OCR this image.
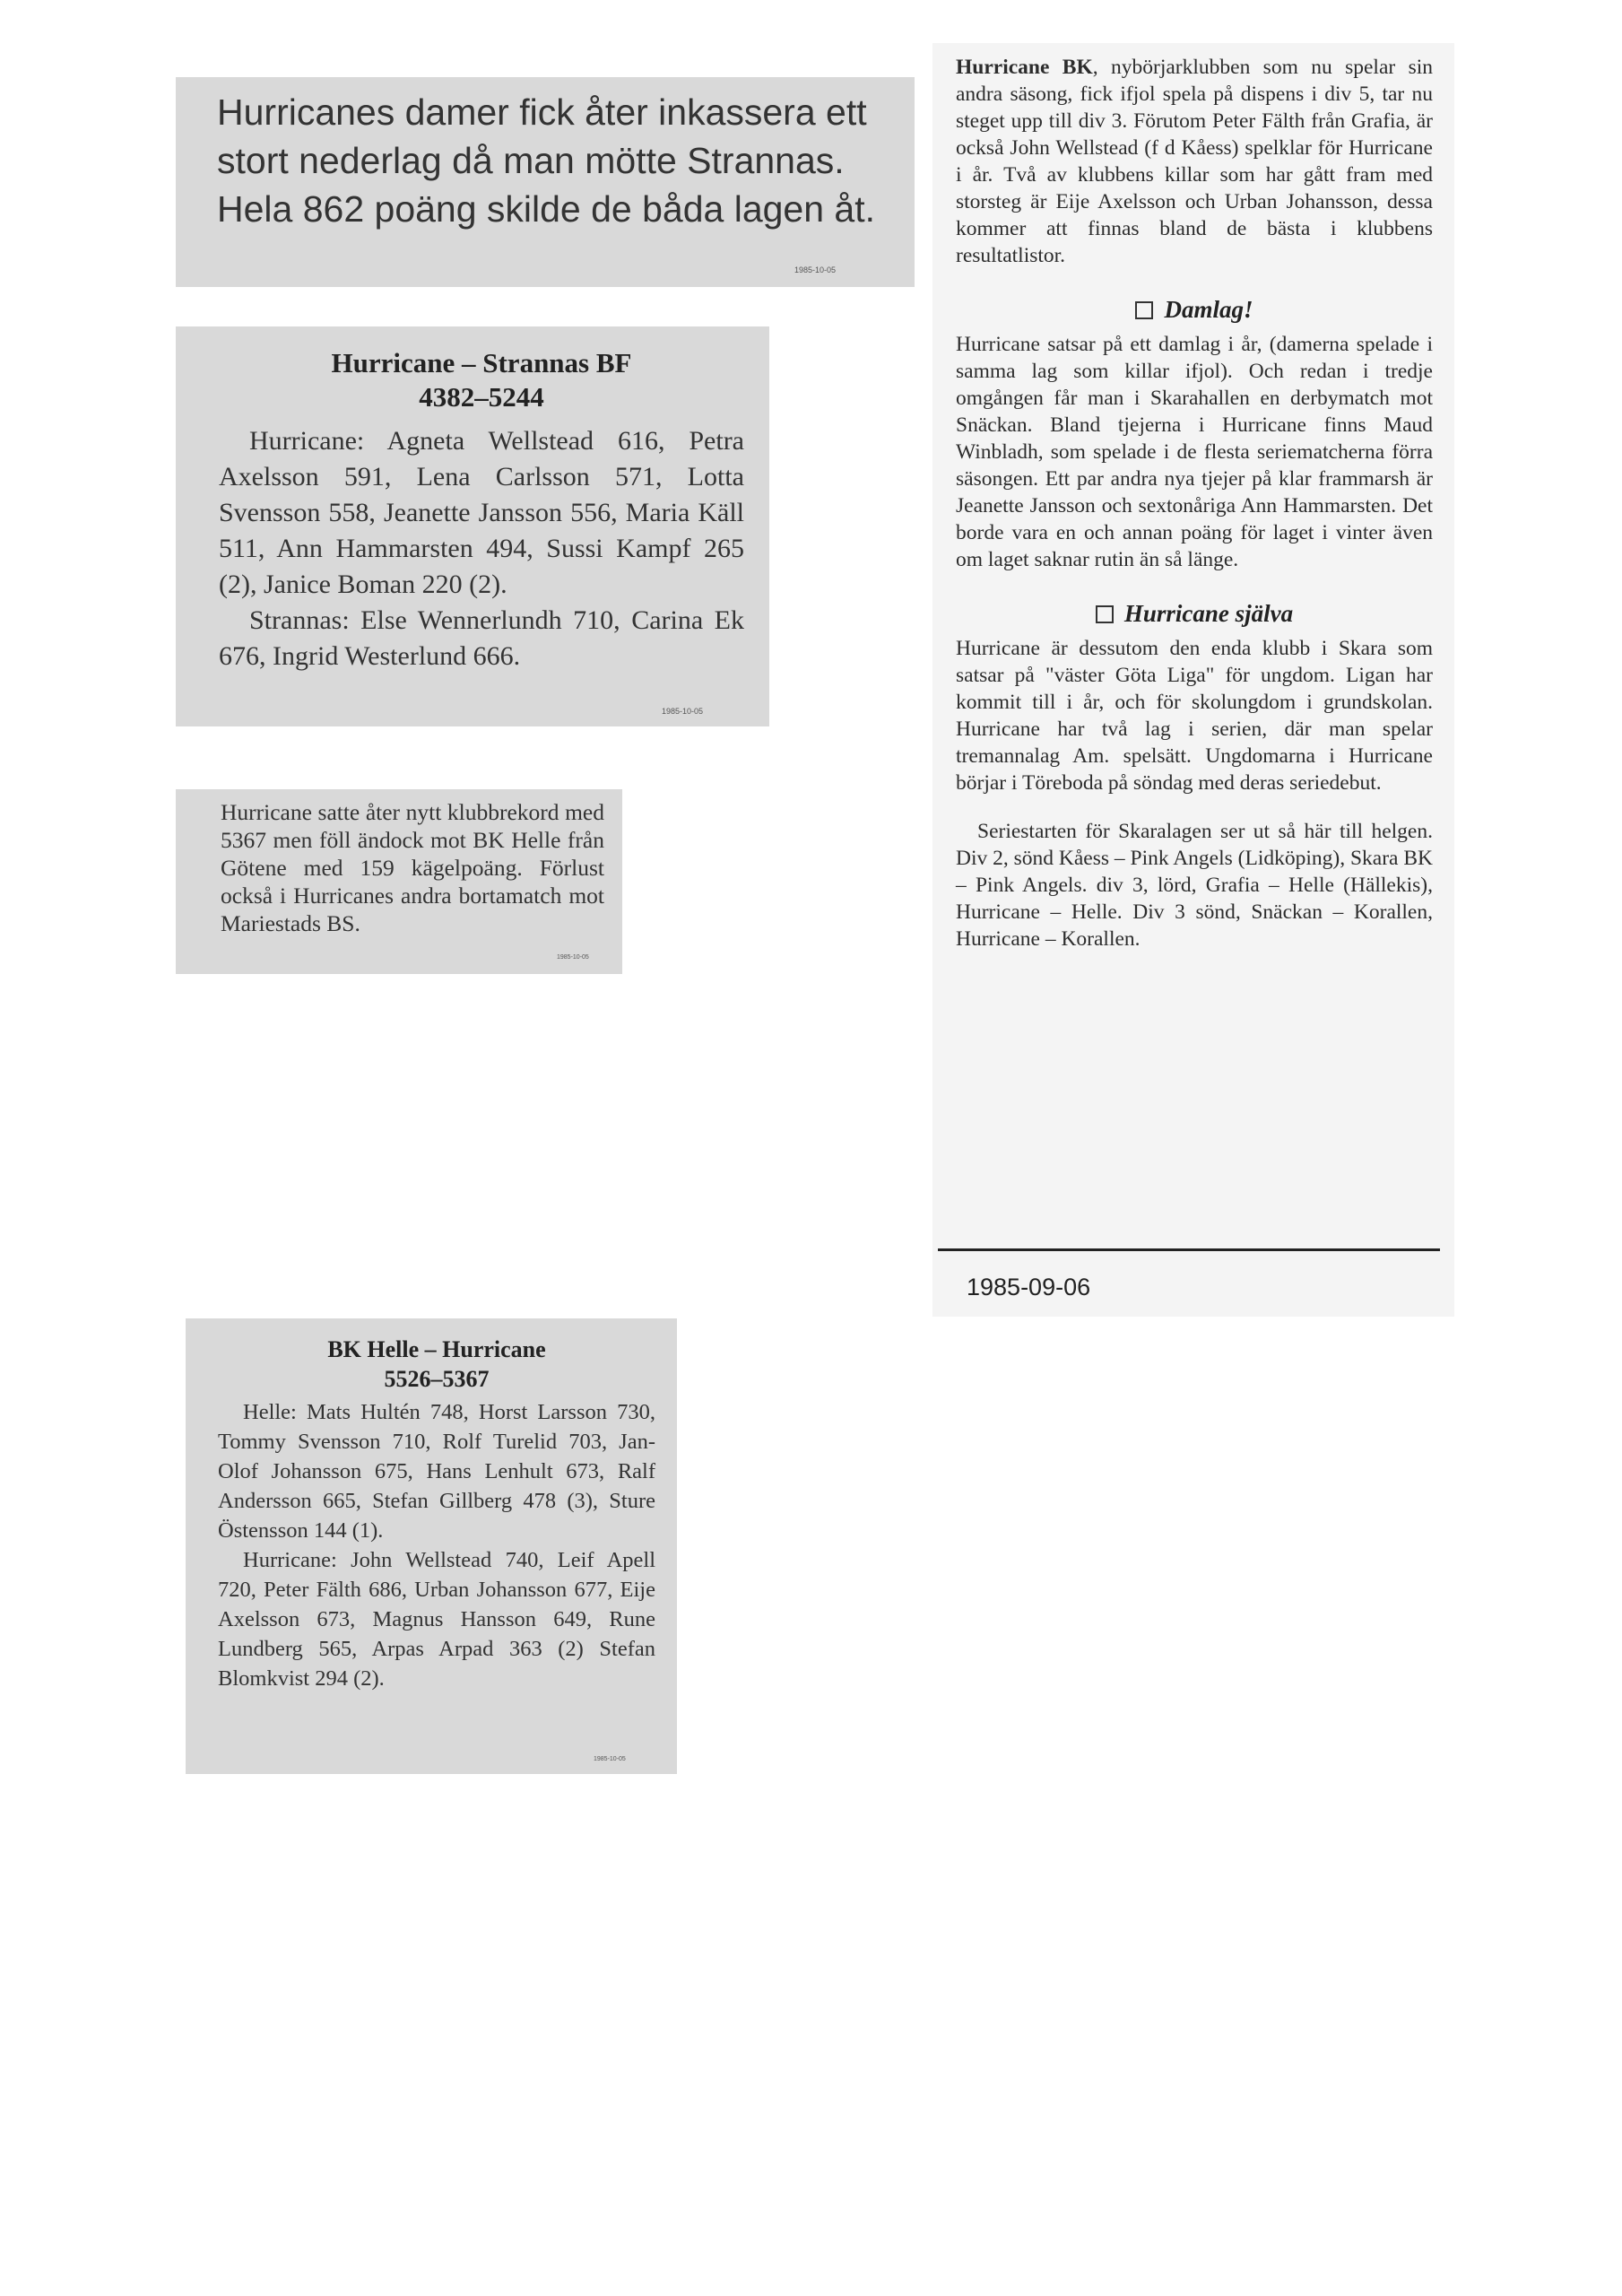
Hurricanes damer fick åter inkassera ett stort nederlag då man mötte Strannas. Hela 862 poäng skilde de båda lagen åt.

1985-10-05
Hurricane – Strannas BF
4382–5244
Hurricane: Agneta Wellstead 616, Petra Axelsson 591, Lena Carlsson 571, Lotta Svensson 558, Jeanette Jansson 556, Maria Käll 511, Ann Hammarsten 494, Sussi Kampf 265 (2), Janice Boman 220 (2).
Strannas: Else Wennerlundh 710, Carina Ek 676, Ingrid Westerlund 666.
1985-10-05
Hurricane satte åter nytt klubbrekord med 5367 men föll ändock mot BK Helle från Götene med 159 kägelpoäng. Förlust också i Hurricanes andra bortamatch mot Mariestads BS.
1985-10-05
BK Helle – Hurricane
5526–5367
Helle: Mats Hultén 748, Horst Larsson 730, Tommy Svensson 710, Rolf Turelid 703, Jan-Olof Johansson 675, Hans Lenhult 673, Ralf Andersson 665, Stefan Gillberg 478 (3), Sture Östensson 144 (1).
Hurricane: John Wellstead 740, Leif Apell 720, Peter Fälth 686, Urban Johansson 677, Eije Axelsson 673, Magnus Hansson 649, Rune Lundberg 565, Arpas Arpad 363 (2) Stefan Blomkvist 294 (2).
1985-10-05

Hurricane BK, nybörjarklubben som nu spelar sin andra säsong, fick ifjol spela på dispens i div 5, tar nu steget upp till div 3. Förutom Peter Fälth från Grafia, är också John Wellstead (f d Kåess) spelklar för Hurricane i år. Två av klubbens killar som har gått fram med storsteg är Eije Axelsson och Urban Johansson, dessa kommer att finnas bland de bästa i klubbens resultatlistor.

Damlag!

Hurricane satsar på ett damlag i år, (damerna spelade i samma lag som killar ifjol). Och redan i tredje omgången får man i Skarahallen en derbymatch mot Snäckan. Bland tjejerna i Hurricane finns Maud Winbladh, som spelade i de flesta seriematcherna förra säsongen. Ett par andra nya tjejer på klar frammarsh är Jeanette Jansson och sextonåriga Ann Hammarsten. Det borde vara en och annan poäng för laget i vinter även om laget saknar rutin än så länge.

Hurricane själva

Hurricane är dessutom den enda klubb i Skara som satsar på "väster Göta Liga" för ungdom. Ligan har kommit till i år, och för skolungdom i grundskolan. Hurricane har två lag i serien, där man spelar tremannalag Am. spelsätt. Ungdomarna i Hurricane börjar i Töreboda på söndag med deras seriedebut.

Seriestarten för Skaralagen ser ut så här till helgen. Div 2, sönd Kåess – Pink Angels (Lidköping), Skara BK – Pink Angels. div 3, lörd, Grafia – Helle (Hällekis), Hurricane – Helle. Div 3 sönd, Snäckan – Korallen, Hurricane – Korallen.

1985-09-06
